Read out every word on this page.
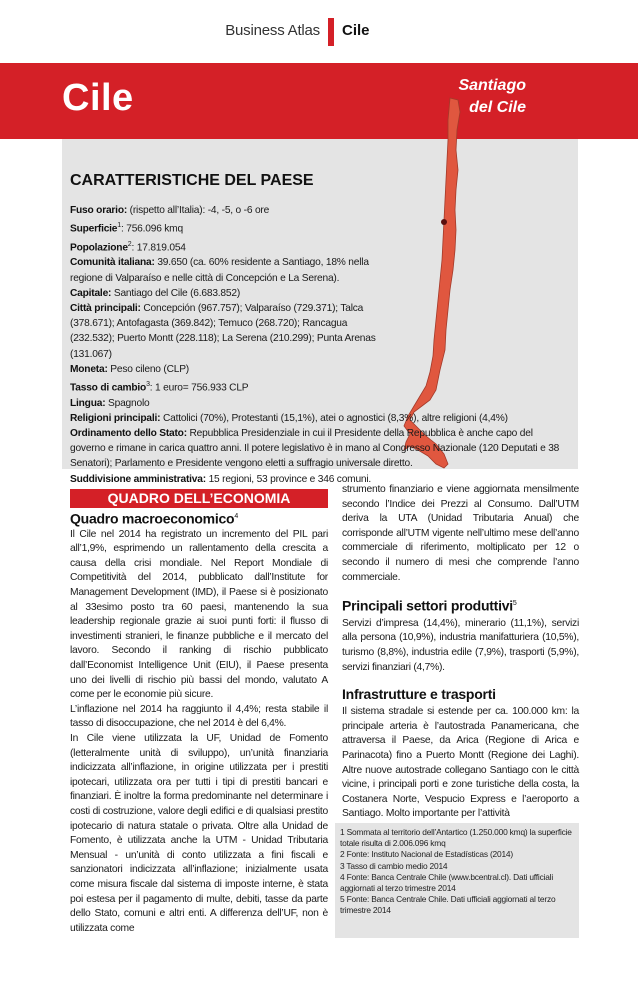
Business Atlas Cile
Cile	Santiago
del Cile
CARATTERISTICHE DEL PAESE

Fuso orario: (rispetto all’Italia): -4, -5, o -6 ore

Superficie$^1$: 756.096 kmq

Popolazione$^2$: 17.819.054

Comunità italiana: 39.650 (ca. 60% residente a Santiago, 18% nella regione di Valparaíso e nelle città di Concepción e La Serena).

Capitale: Santiago del Cile (6.683.852)

Città principali: Concepción (967.757); Valparaíso (729.371); Talca (378.671); Antofagasta (369.842); Temuco (268.720); Rancagua (232.532); Puerto Montt (228.118); La Serena (210.299); Punta Arenas (131.067)

Moneta: Peso cileno (CLP)

Tasso di cambio$^3$: 1 euro= 756.933 CLP

Lingua: Spagnolo

Religioni principali: Cattolici (70%), Protestanti (15,1%), atei o agnostici (8,3%), altre religioni (4,4%)

Ordinamento dello Stato: Repubblica Presidenziale in cui il Presidente della Repubblica è anche capo del governo e rimane in carica quattro anni. Il potere legislativo è in mano al Congresso Nazionale (120 Deputati e 38 Senatori); Parlamento e Presidente vengono eletti a suffragio universale diretto.

Suddivisione amministrativa: 15 regioni, 53 province e 346 comuni.

QUADRO DELL’ECONOMIA
Quadro macroeconomico$^4$

Il Cile nel 2014 ha registrato un incremento del PIL pari all’1,9%, esprimendo un rallentamento della crescita a causa della crisi mondiale. Nel Report Mondiale di Competitività del 2014, pubblicato dall’Institute for Management Development (IMD), il Paese si è posizionato al 33esimo posto tra 60 paesi, mantenendo la sua leadership regionale grazie ai suoi punti forti: il flusso di investimenti stranieri, le finanze pubbliche e il mercato del lavoro. Secondo il ranking di rischio pubblicato dall’Economist Intelligence Unit (EIU), il Paese presenta uno dei livelli di rischio più bassi del mondo, valutato A come per le economie più sicure.

L’inflazione nel 2014 ha raggiunto il 4,4%; resta stabile il tasso di disoccupazione, che nel 2014 è del 6,4%.

In Cile viene utilizzata la UF, Unidad de Fomento (letteralmente unità di sviluppo), un’unità finanziaria indicizzata all’inflazione, in origine utilizzata per i prestiti ipotecari, utilizzata ora per tutti i tipi di prestiti bancari e finanziari. È inoltre la forma predominante nel determinare i costi di costruzione, valore degli edifici e di qualsiasi prestito ipotecario di natura statale o privata. Oltre alla Unidad de Fomento, è utilizzata anche la UTM - Unidad Tributaria Mensual - un’unità di conto utilizzata a fini fiscali e sanzionatori indicizzata all’inflazione; inizialmente usata come misura fiscale dal sistema di imposte interne, è stata poi estesa per il pagamento di multe, debiti, tasse da parte dello Stato, comuni e altri enti. A differenza dell’UF, non è utilizzata come

strumento finanziario e viene aggiornata mensilmente secondo l’Indice dei Prezzi al Consumo. Dall’UTM deriva la UTA (Unidad Tributaria Anual) che corrisponde all’UTM vigente nell’ultimo mese dell’anno commerciale di riferimento, moltiplicato per 12 o secondo il numero di mesi che comprende l’anno commerciale.

Principali settori produttivi$^5$

Servizi d’impresa (14,4%), minerario (11,1%), servizi alla persona (10,9%), industria manifatturiera (10,5%), turismo (8,8%), industria edile (7,9%), trasporti (5,9%), servizi finanziari (4,7%).

Infrastrutture e trasporti

Il sistema stradale si estende per ca. 100.000 km: la principale arteria è l’autostrada Panamericana, che attraversa il Paese, da Arica (Regione di Arica e Parinacota) fino a Puerto Montt (Regione dei Laghi). Altre nuove autostrade collegano Santiago con le città vicine, i principali porti e zone turistiche della costa, la Costanera Norte, Vespucio Express e l’aeroporto a Santiago. Molto importante per l’attività

1 Sommata al territorio dell’Antartico (1.250.000 kmq) la superficie totale risulta di 2.006.096 kmq

2 Fonte: Instituto Nacional de Estadísticas (2014)

3 Tasso di cambio medio 2014

4 Fonte: Banca Centrale Chile (www.bcentral.cl). Dati ufficiali aggiornati al terzo trimestre 2014

5 Fonte: Banca Centrale Chile. Dati ufficiali aggiornati al terzo trimestre 2014
